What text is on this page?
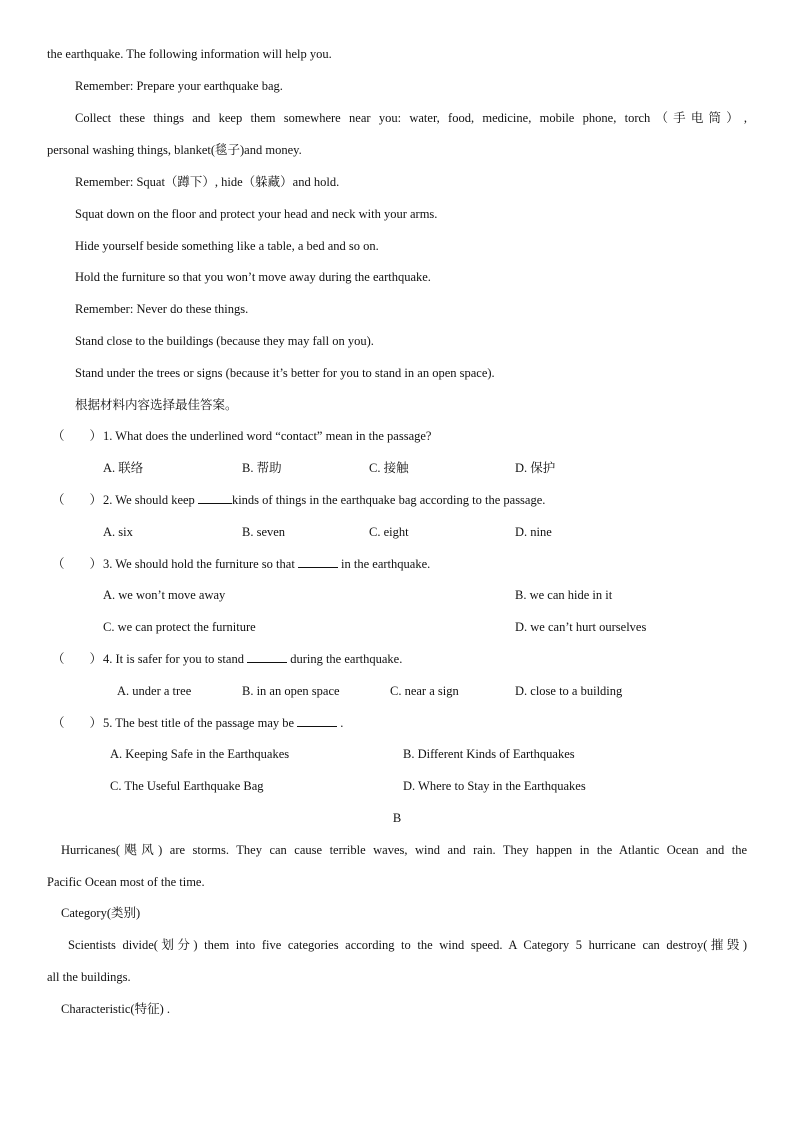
the earthquake. The following information will help you.
Remember: Prepare your earthquake bag.
Collect these things and keep them somewhere near you: water, food, medicine, mobile phone, torch（手电筒）,
personal washing things, blanket(毯子)and money.
Remember: Squat（蹲下）, hide（躲藏）and hold.
Squat down on the floor and protect your head and neck with your arms.
Hide yourself beside something like a table, a bed and so on.
Hold the furniture so that you won’t move away during the earthquake.
Remember: Never do these things.
Stand close to the buildings (because they may fall on you).
Stand under the trees or signs (because it’s better for you to stand in an open space).
根据材料内容选择最佳答案。
（        ） 1. What does the underlined word “contact” mean in the passage?
A. 联络	B. 帮助	C. 接触	D. 保护
（        ） 2. We should keep	kinds of things in the earthquake bag according to the passage.
A. six	B. seven	C. eight	D. nine
（        ） 3. We should hold the furniture so that	in the earthquake.
A. we won’t move away	B. we can hide in it
C. we can protect the furniture	D. we can’t hurt ourselves
（        ） 4. It is safer for you to stand	during the earthquake.
A. under a tree	B. in an open space	C. near a sign	D. close to a building
（        ） 5. The best title of the passage may be	.
A. Keeping Safe in the Earthquakes	B. Different Kinds of Earthquakes
C. The Useful Earthquake Bag	D. Where to Stay in the Earthquakes
B
Hurricanes(飓风) are storms. They can cause terrible waves, wind and rain. They happen in the Atlantic Ocean and the
Pacific Ocean most of the time.
Category(类别)
Scientists divide(划分) them into five categories according to the wind speed. A Category 5 hurricane can destroy(摧毁)
all the buildings.
Characteristic(特征) .
